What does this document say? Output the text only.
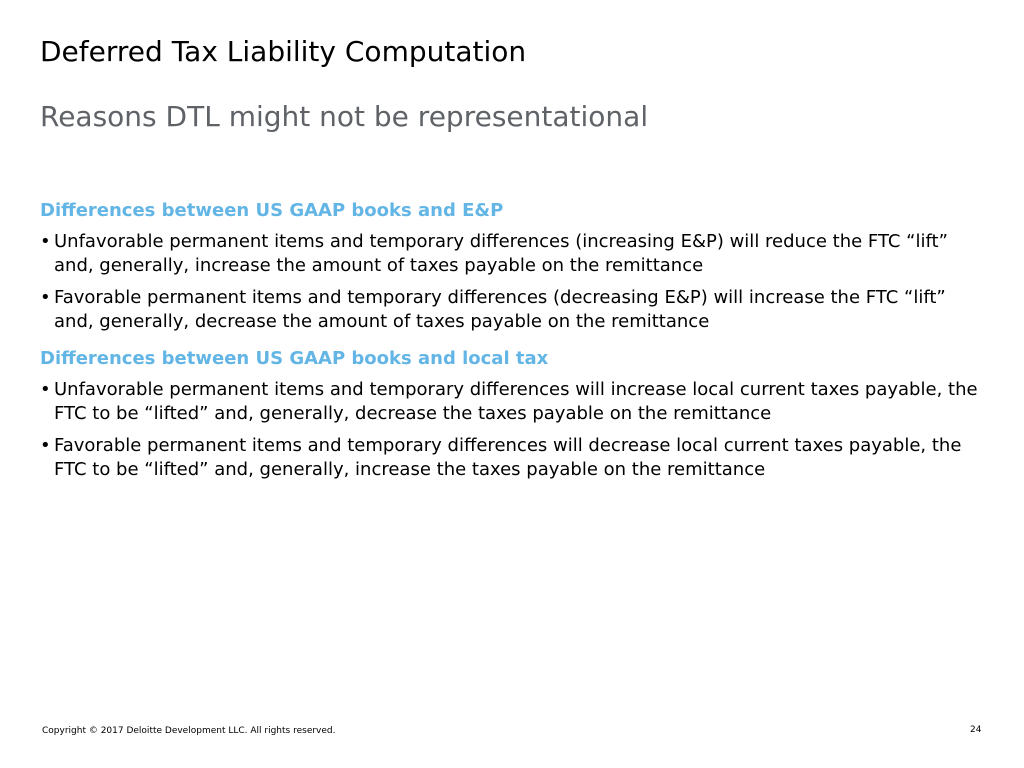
Deferred Tax Liability Computation
Reasons DTL might not be representational
Differences between US GAAP books and E&P
• Unfavorable permanent items and temporary differences (increasing E&P) will reduce the FTC “lift” and, generally, increase the amount of taxes payable on the remittance
• Favorable permanent items and temporary differences (decreasing E&P) will increase the FTC “lift” and, generally, decrease the amount of taxes payable on the remittance
Differences between US GAAP books and local tax
• Unfavorable permanent items and temporary differences will increase local current taxes payable, the FTC to be “lifted” and, generally, decrease the taxes payable on the remittance
• Favorable permanent items and temporary differences will decrease local current taxes payable, the FTC to be “lifted” and, generally, increase the taxes payable on the remittance
Copyright © 2017 Deloitte Development LLC. All rights reserved.	24
